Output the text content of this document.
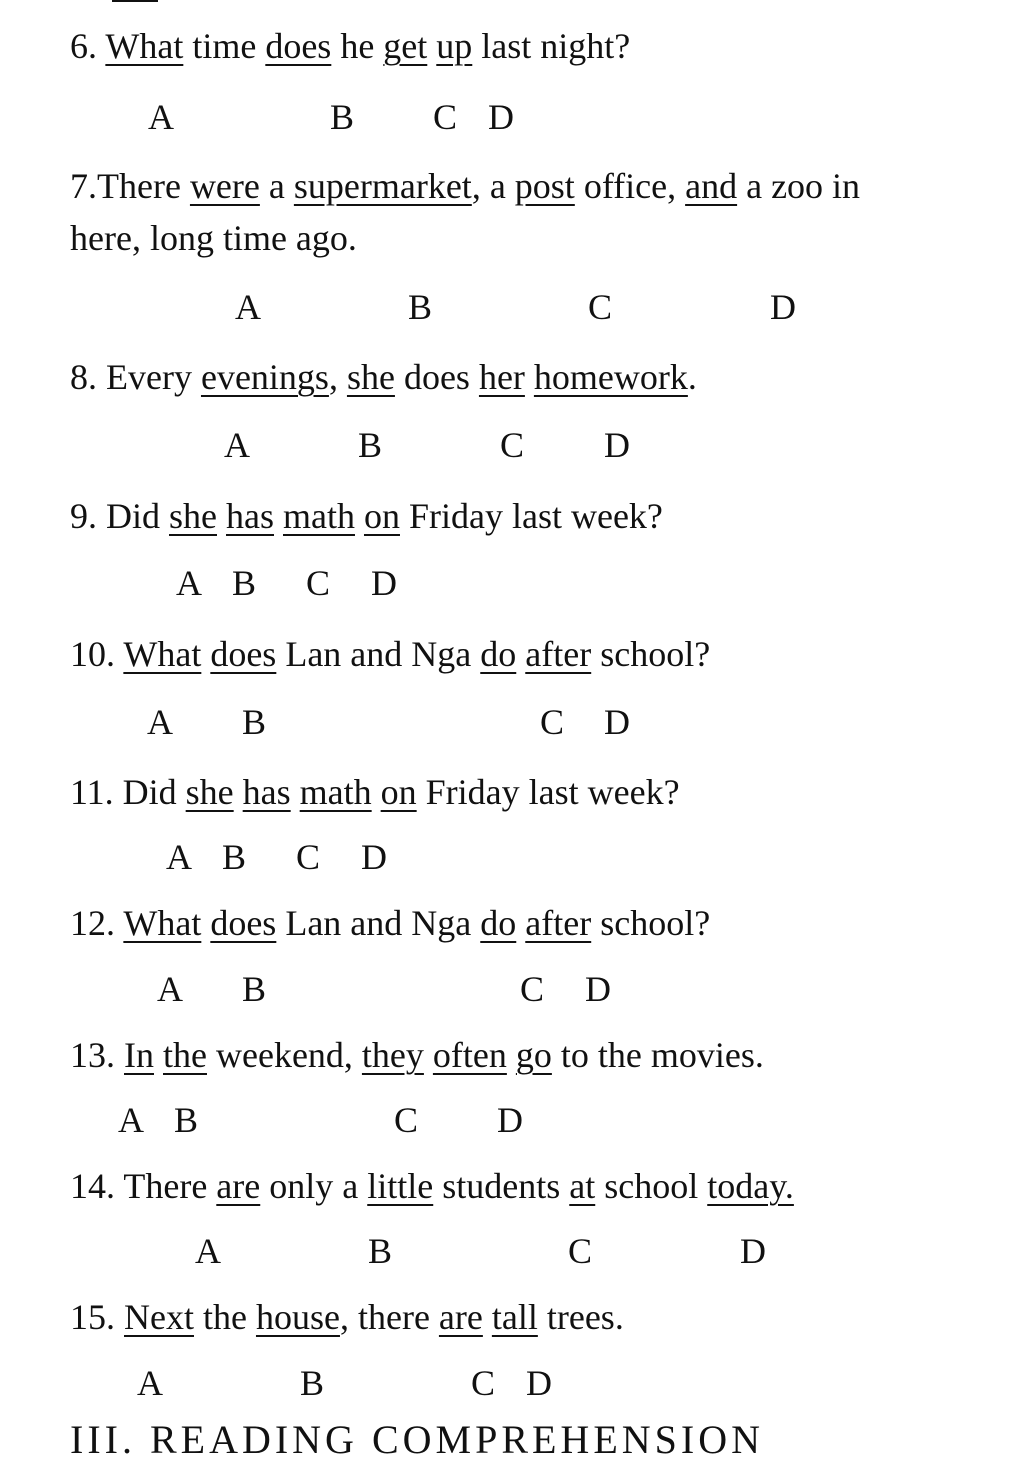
6. What time does he get up last night?
A	B C D
7.There were a supermarket, a post office, and a zoo in
here, long time ago.
A	B	C	D
8. Every evenings, she does her homework.
A	B	C D
9. Did she has math on Friday last week?
A B C D
10. What does Lan and Nga do after school?
A B	C D
11. Did she has math on Friday last week?
A B C D
12. What does Lan and Nga do after school?
A B	C D
13. In the weekend, they often go to the movies.
A B	C D
14. There are only a little students at school today.
A	B	C	D
15. Next the house, there are tall trees.
A	B	C D
III. READING COMPREHENSION
